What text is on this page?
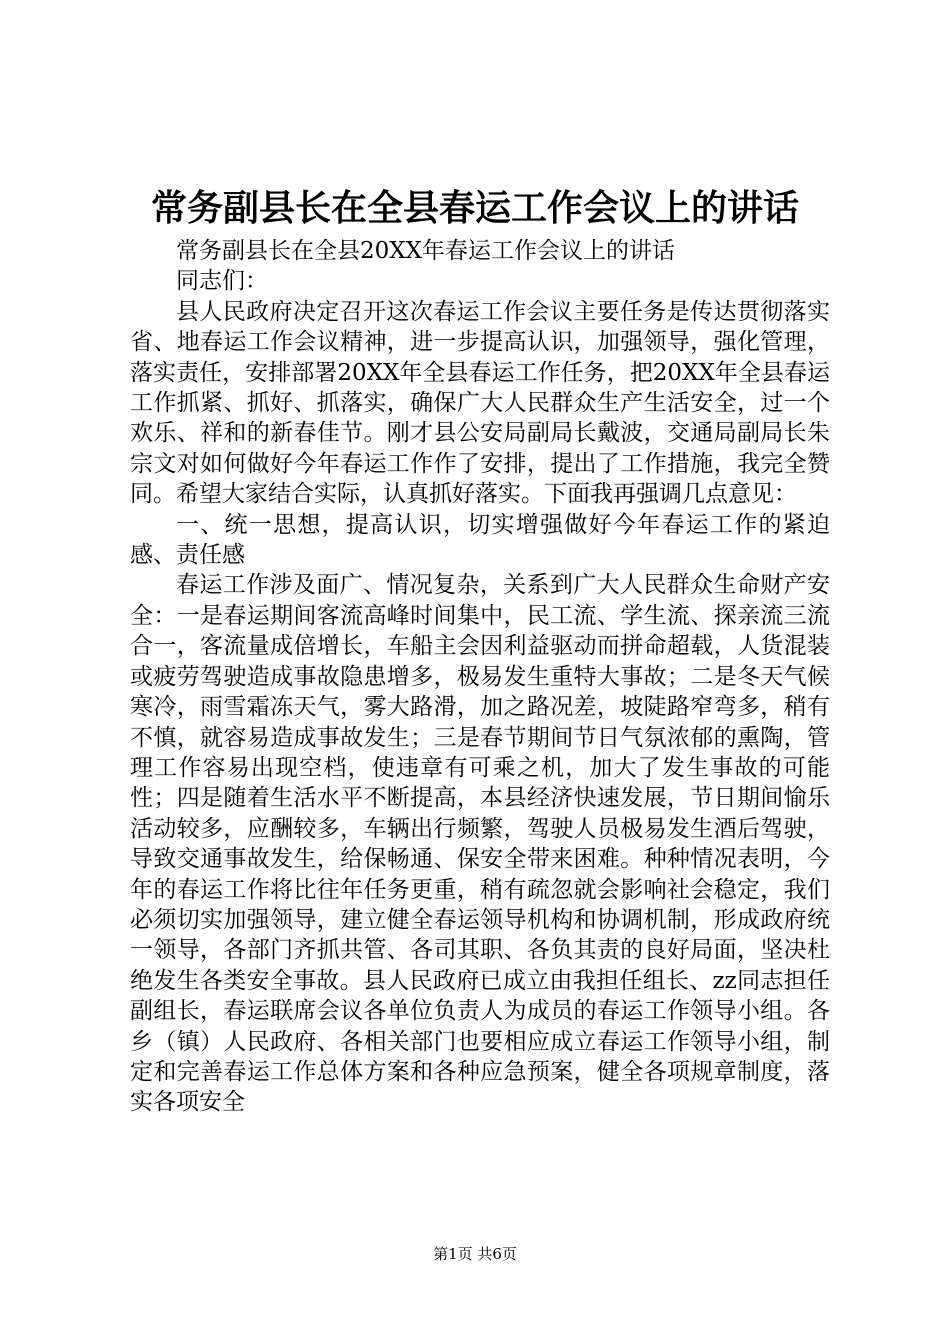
常务副县长在全县春运工作会议上的讲话

常务副县长在全县20XX年春运工作会议上的讲话

同志们：

县人民政府决定召开这次春运工作会议主要任务是传达贯彻落实省、地春运工作会议精神，进一步提高认识，加强领导，强化管理，落实责任，安排部署20XX年全县春运工作任务，把20XX年全县春运工作抓紧、抓好、抓落实，确保广大人民群众生产生活安全，过一个欢乐、祥和的新春佳节。刚才县公安局副局长戴波，交通局副局长朱宗文对如何做好今年春运工作作了安排，提出了工作措施，我完全赞同。希望大家结合实际，认真抓好落实。下面我再强调几点意见：

一、统一思想，提高认识，切实增强做好今年春运工作的紧迫感、责任感

春运工作涉及面广、情况复杂，关系到广大人民群众生命财产安全：一是春运期间客流高峰时间集中，民工流、学生流、探亲流三流合一，客流量成倍增长，车船主会因利益驱动而拼命超载，人货混装或疲劳驾驶造成事故隐患增多，极易发生重特大事故；二是冬天气候寒冷，雨雪霜冻天气，雾大路滑，加之路况差，坡陡路窄弯多，稍有不慎，就容易造成事故发生；三是春节期间节日气氛浓郁的熏陶，管理工作容易出现空档，使违章有可乘之机，加大了发生事故的可能性；四是随着生活水平不断提高，本县经济快速发展，节日期间愉乐活动较多，应酬较多，车辆出行频繁，驾驶人员极易发生酒后驾驶，导致交通事故发生，给保畅通、保安全带来困难。种种情况表明，今年的春运工作将比往年任务更重，稍有疏忽就会影响社会稳定，我们必须切实加强领导，建立健全春运领导机构和协调机制，形成政府统一领导，各部门齐抓共管、各司其职、各负其责的良好局面，坚决杜绝发生各类安全事故。县人民政府已成立由我担任组长、zz同志担任副组长，春运联席会议各单位负责人为成员的春运工作领导小组。各乡（镇）人民政府、各相关部门也要相应成立春运工作领导小组，制定和完善春运工作总体方案和各种应急预案，健全各项规章制度，落实各项安全

第1页 共6页
